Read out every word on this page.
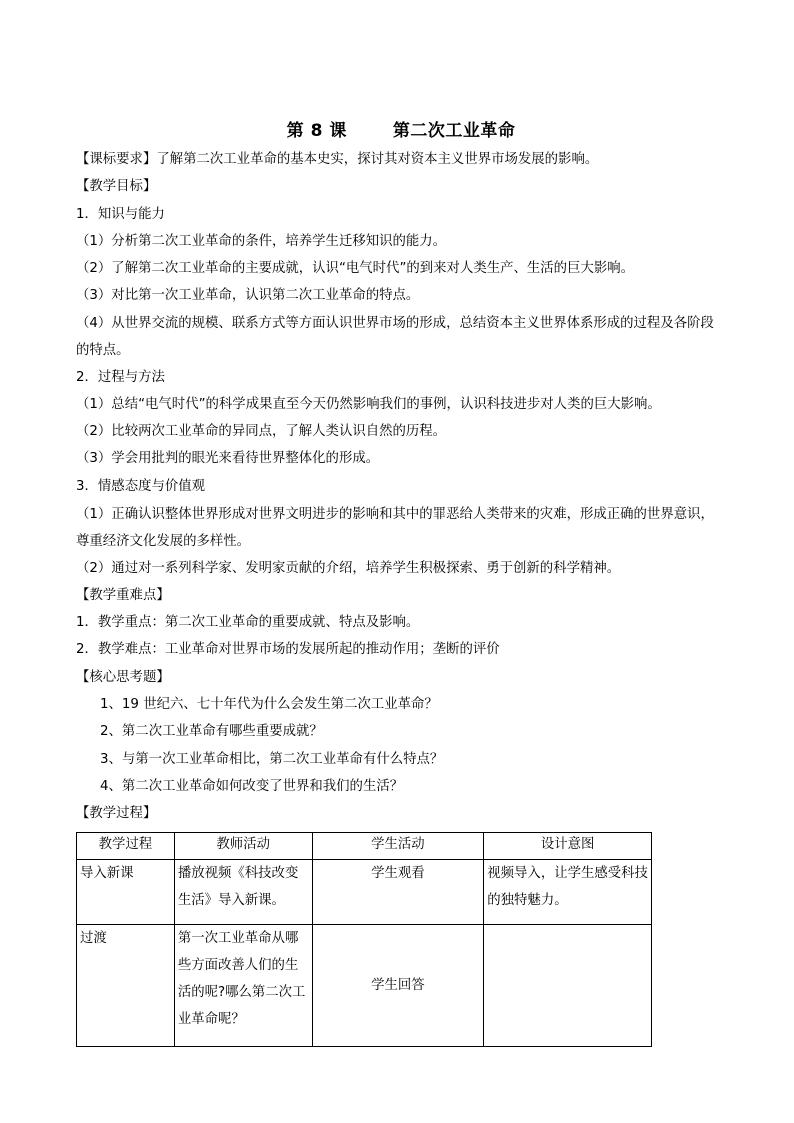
第 8 课	第二次工业革命
【课标要求】了解第二次工业革命的基本史实，探讨其对资本主义世界市场发展的影响。
【教学目标】
1．知识与能力
（1）分析第二次工业革命的条件，培养学生迁移知识的能力。
（2）了解第二次工业革命的主要成就，认识“电气时代”的到来对人类生产、生活的巨大影响。
（3）对比第一次工业革命，认识第二次工业革命的特点。
（4）从世界交流的规模、联系方式等方面认识世界市场的形成，总结资本主义世界体系形成的过程及各阶段的特点。
2．过程与方法
（1）总结“电气时代”的科学成果直至今天仍然影响我们的事例，认识科技进步对人类的巨大影响。
（2）比较两次工业革命的异同点，了解人类认识自然的历程。
（3）学会用批判的眼光来看待世界整体化的形成。
3．情感态度与价值观
（1）正确认识整体世界形成对世界文明进步的影响和其中的罪恶给人类带来的灾难，形成正确的世界意识，尊重经济文化发展的多样性。
（2）通过对一系列科学家、发明家贡献的介绍，培养学生积极探索、勇于创新的科学精神。
【教学重难点】
1．教学重点：第二次工业革命的重要成就、特点及影响。
2．教学难点：工业革命对世界市场的发展所起的推动作用；垄断的评价
【核心思考题】
1、19 世纪六、七十年代为什么会发生第二次工业革命？
2、第二次工业革命有哪些重要成就？
3、与第一次工业革命相比，第二次工业革命有什么特点？
4、第二次工业革命如何改变了世界和我们的生活？
【教学过程】
教学过程	教师活动	学生活动	设计意图
导入新课	播放视频《科技改变生活》导入新课。	学生观看	视频导入，让学生感受科技的独特魅力。
过渡	第一次工业革命从哪些方面改善人们的生活的呢?哪么第二次工业革命呢？	学生回答	
